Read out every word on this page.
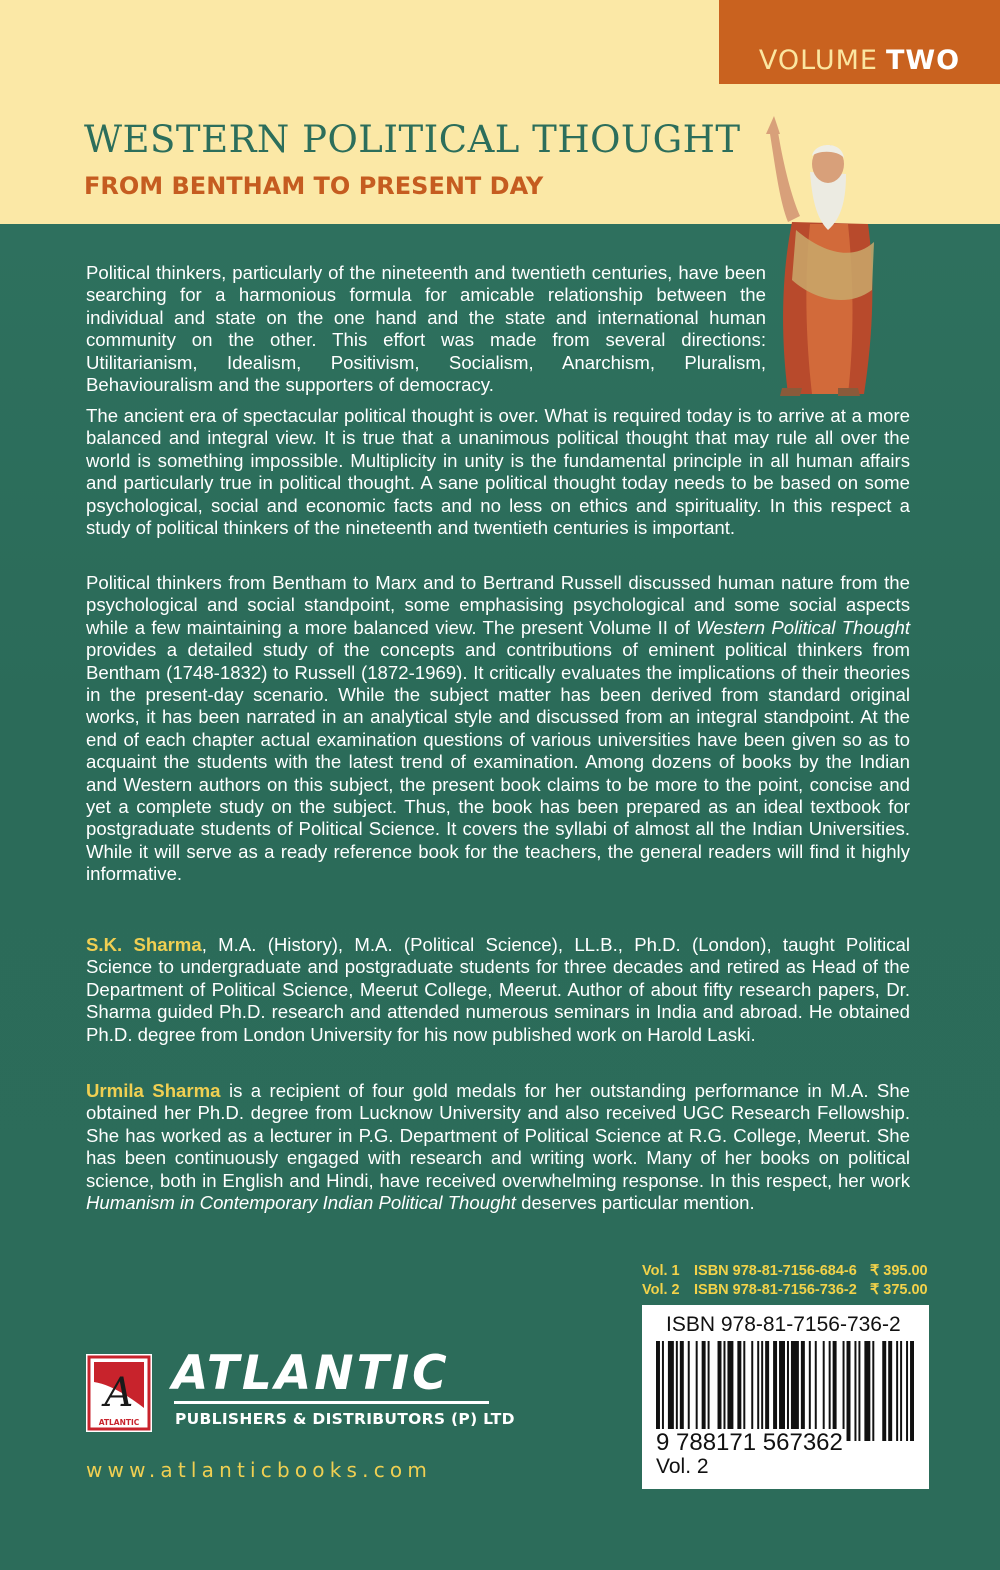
VOLUME TWO
WESTERN POLITICAL THOUGHT
FROM BENTHAM TO PRESENT DAY

Political thinkers, particularly of the nineteenth and twentieth centuries, have been searching for a harmonious formula for amicable relationship between the individual and state on the one hand and the state and international human community on the other. This effort was made from several directions: Utilitarianism, Idealism, Positivism, Socialism, Anarchism, Pluralism, Behaviouralism and the supporters of democracy.

The ancient era of spectacular political thought is over. What is required today is to arrive at a more balanced and integral view. It is true that a unanimous political thought that may rule all over the world is something impossible. Multiplicity in unity is the fundamental principle in all human affairs and particularly true in political thought. A sane political thought today needs to be based on some psychological, social and economic facts and no less on ethics and spirituality. In this respect a study of political thinkers of the nineteenth and twentieth centuries is important.

Political thinkers from Bentham to Marx and to Bertrand Russell discussed human nature from the psychological and social standpoint, some emphasising psychological and some social aspects while a few maintaining a more balanced view. The present Volume II of Western Political Thought provides a detailed study of the concepts and contributions of eminent political thinkers from Bentham (1748-1832) to Russell (1872-1969). It critically evaluates the implications of their theories in the present-day scenario. While the subject matter has been derived from standard original works, it has been narrated in an analytical style and discussed from an integral standpoint. At the end of each chapter actual examination questions of various universities have been given so as to acquaint the students with the latest trend of examination. Among dozens of books by the Indian and Western authors on this subject, the present book claims to be more to the point, concise and yet a complete study on the subject. Thus, the book has been prepared as an ideal textbook for postgraduate students of Political Science. It covers the syllabi of almost all the Indian Universities. While it will serve as a ready reference book for the teachers, the general readers will find it highly informative.

S.K. Sharma, M.A. (History), M.A. (Political Science), LL.B., Ph.D. (London), taught Political Science to undergraduate and postgraduate students for three decades and retired as Head of the Department of Political Science, Meerut College, Meerut. Author of about fifty research papers, Dr. Sharma guided Ph.D. research and attended numerous seminars in India and abroad. He obtained Ph.D. degree from London University for his now published work on Harold Laski.

Urmila Sharma is a recipient of four gold medals for her outstanding performance in M.A. She obtained her Ph.D. degree from Lucknow University and also received UGC Research Fellowship. She has worked as a lecturer in P.G. Department of Political Science at R.G. College, Meerut. She has been continuously engaged with research and writing work. Many of her books on political science, both in English and Hindi, have received overwhelming response. In this respect, her work Humanism in Contemporary Indian Political Thought deserves particular mention.

Vol. 1 ISBN 978-81-7156-684-6 ₹ 395.00
Vol. 2 ISBN 978-81-7156-736-2 ₹ 375.00
ISBN 978-81-7156-736-2
9 788171 567362
Vol. 2
A
ATLANTIC
ATLANTIC
PUBLISHERS & DISTRIBUTORS (P) LTD
www.atlanticbooks.com
